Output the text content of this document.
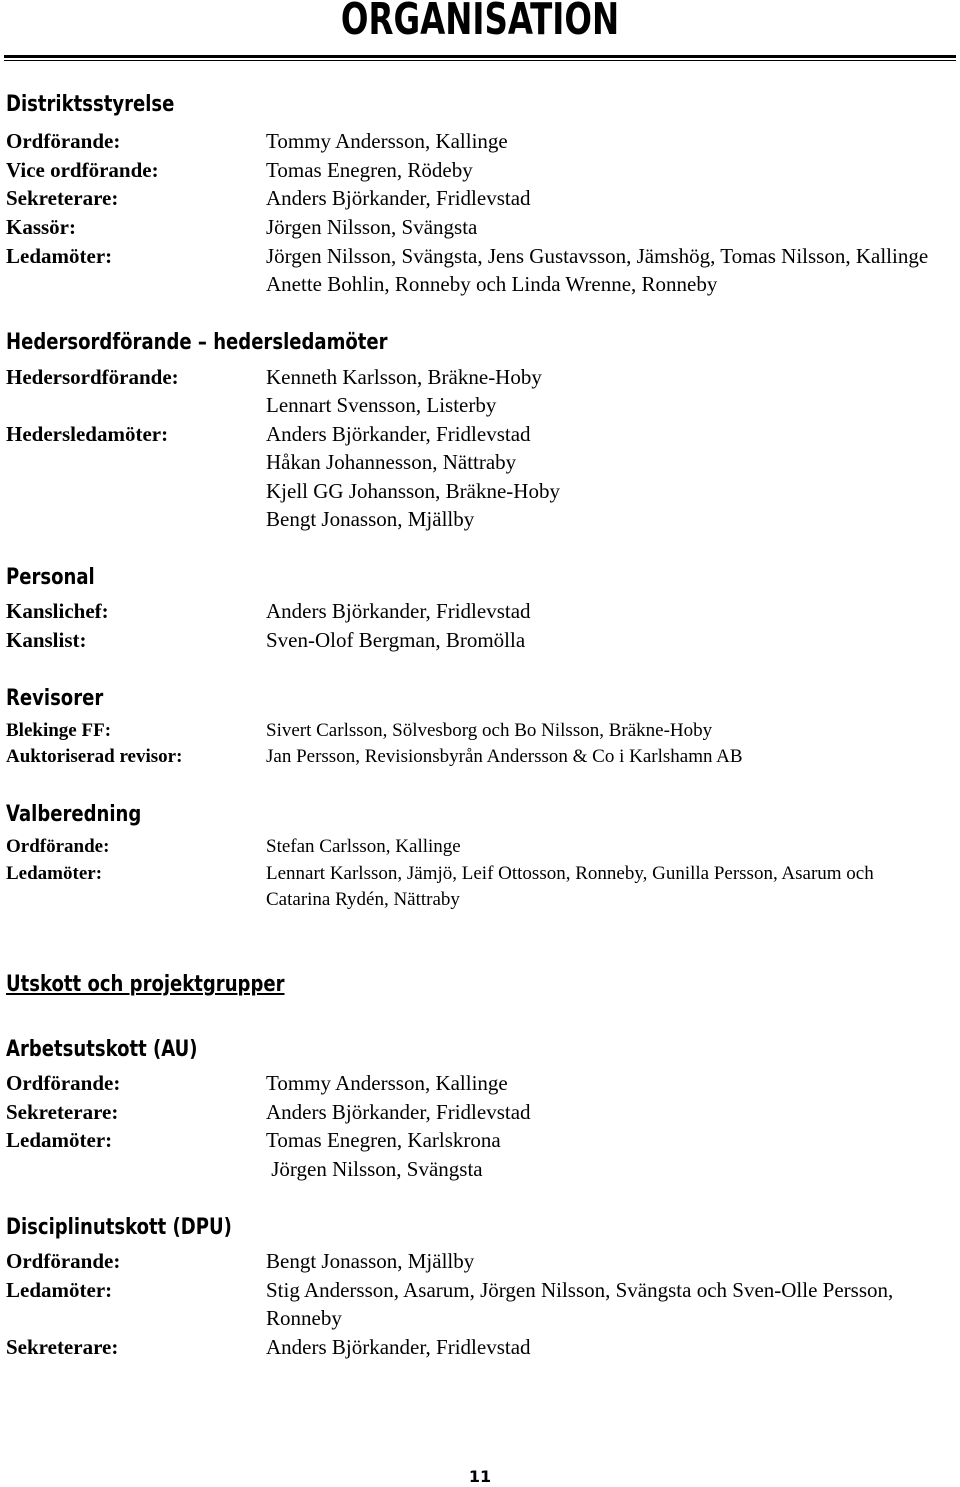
ORGANISATION
Distriktsstyrelse
Ordförande:	Tommy Andersson, Kallinge
Vice ordförande:	Tomas Enegren, Rödeby
Sekreterare:	Anders Björkander, Fridlevstad
Kassör:	Jörgen Nilsson, Svängsta
Ledamöter:	Jörgen Nilsson, Svängsta, Jens Gustavsson, Jämshög, Tomas Nilsson, Kallinge Anette Bohlin, Ronneby och Linda Wrenne, Ronneby
Hedersordförande – hedersledamöter
Hedersordförande:	Kenneth Karlsson, Bräkne-Hoby
Lennart Svensson, Listerby
Hedersledamöter:	Anders Björkander, Fridlevstad
Håkan Johannesson, Nättraby
Kjell GG Johansson, Bräkne-Hoby
Bengt Jonasson, Mjällby
Personal
Kanslichef:	Anders Björkander, Fridlevstad
Kanslist:	Sven-Olof Bergman, Bromölla
Revisorer
Blekinge FF:	Sivert Carlsson, Sölvesborg och Bo Nilsson, Bräkne-Hoby
Auktoriserad revisor:	Jan Persson, Revisionsbyrån Andersson & Co i Karlshamn AB
Valberedning
Ordförande:	Stefan Carlsson, Kallinge
Ledamöter:	Lennart Karlsson, Jämjö, Leif Ottosson, Ronneby, Gunilla Persson, Asarum och Catarina Rydén, Nättraby
Utskott och projektgrupper
Arbetsutskott (AU)
Ordförande:	Tommy Andersson, Kallinge
Sekreterare:	Anders Björkander, Fridlevstad
Ledamöter:	Tomas Enegren, Karlskrona
Jörgen Nilsson, Svängsta
Disciplinutskott (DPU)
Ordförande:	Bengt Jonasson, Mjällby
Ledamöter:	Stig Andersson, Asarum, Jörgen Nilsson, Svängsta och Sven-Olle Persson, Ronneby
Sekreterare:	Anders Björkander, Fridlevstad
11
